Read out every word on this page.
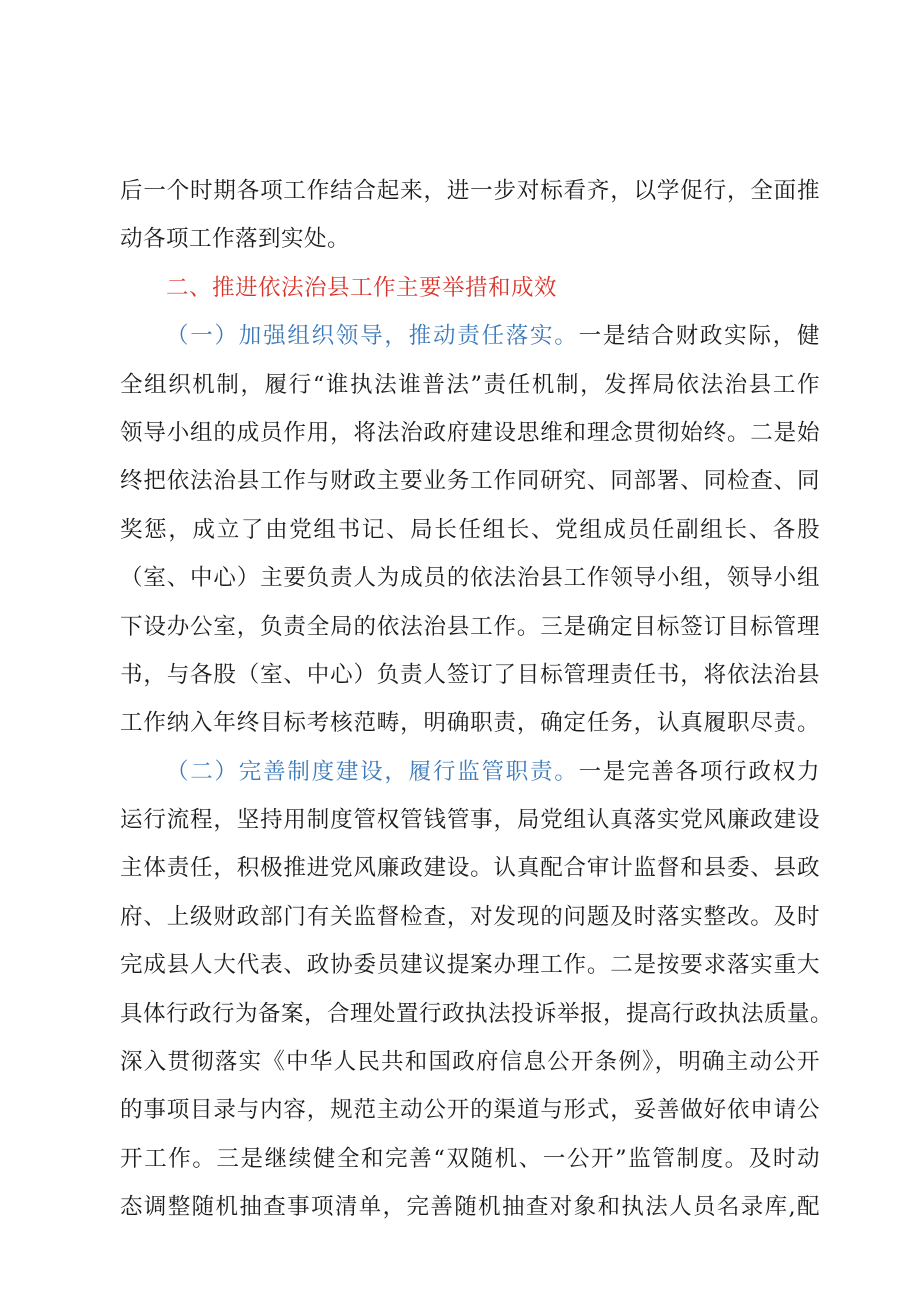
后一个时期各项工作结合起来，进一步对标看齐，以学促行，全面推
动各项工作落到实处。
二、推进依法治县工作主要举措和成效
（一）加强组织领导，推动责任落实。一是结合财政实际，健
全组织机制，履行“谁执法谁普法”责任机制，发挥局依法治县工作
领导小组的成员作用，将法治政府建设思维和理念贯彻始终。二是始
终把依法治县工作与财政主要业务工作同研究、同部署、同检查、同
奖惩，成立了由党组书记、局长任组长、党组成员任副组长、各股
（室、中心）主要负责人为成员的依法治县工作领导小组，领导小组
下设办公室，负责全局的依法治县工作。三是确定目标签订目标管理
书，与各股（室、中心）负责人签订了目标管理责任书，将依法治县
工作纳入年终目标考核范畴，明确职责，确定任务，认真履职尽责。
（二）完善制度建设，履行监管职责。一是完善各项行政权力
运行流程，坚持用制度管权管钱管事，局党组认真落实党风廉政建设
主体责任，积极推进党风廉政建设。认真配合审计监督和县委、县政
府、上级财政部门有关监督检查，对发现的问题及时落实整改。及时
完成县人大代表、政协委员建议提案办理工作。二是按要求落实重大
具体行政行为备案，合理处置行政执法投诉举报，提高行政执法质量。
深入贯彻落实《中华人民共和国政府信息公开条例》，明确主动公开
的事项目录与内容，规范主动公开的渠道与形式，妥善做好依申请公
开工作。三是继续健全和完善“双随机、一公开”监管制度。及时动
态调整随机抽查事项清单，完善随机抽查对象和执法人员名录库,配
